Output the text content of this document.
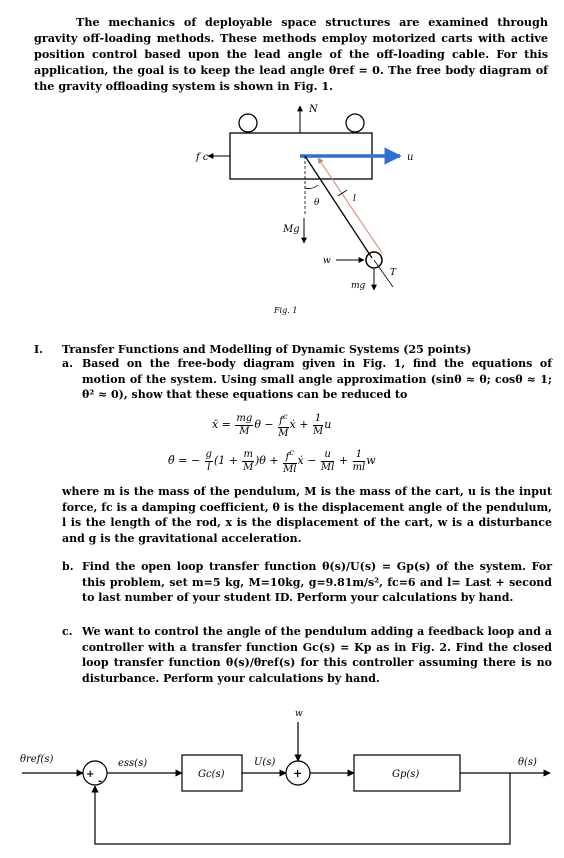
The mechanics of deployable space structures are examined through gravity off-loading methods. These methods employ motorized carts with active position control based upon the lead angle of the off-loading cable. For this application, the goal is to keep the lead angle θref = 0. The free body diagram of the gravity offloading system is shown in Fig. 1.
N
f c	u
θ	l
Mg
w
T
mg
Fig. 1
I. Transfer Functions and Modelling of Dynamic Systems (25 points)
a. Based on the free-body diagram given in Fig. 1, find the equations of motion of the system. Using small angle approximation (sinθ ≈ θ; cosθ ≈ 1; θ² ≈ 0), show that these equations can be reduced to
ẍ = $\frac{mg}{M}$ $\theta - \frac{f^c}{M}$ ẋ + $\frac{1}{M}$ u
θ̈ = − $\frac{g}{l} (1 + \frac{m}{M} )\theta + \frac{f^c}{Ml}$ ẋ − $\frac{u}{Ml} + \frac{1}{ml}$ w
where m is the mass of the pendulum, M is the mass of the cart, u is the input force, fc is a damping coefficient, θ is the displacement angle of the pendulum, l is the length of the rod, x is the displacement of the cart, w is a disturbance and g is the gravitational acceleration.
b. Find the open loop transfer function θ(s)/U(s) = Gp(s) of the system. For this problem, set m=5 kg, M=10kg, g=9.81m/s², fc=6 and l= Last + second to last number of your student ID. Perform your calculations by hand.
c. We want to control the angle of the pendulum adding a feedback loop and a controller with a transfer function Gc(s) = Kp as in Fig. 2. Find the closed loop transfer function θ(s)/θref(s) for this controller assuming there is no disturbance. Perform your calculations by hand.
θref(s)
+
-
ess(s)
Gc(s)
U(s)
w
+	Gp(s)
θ(s)
